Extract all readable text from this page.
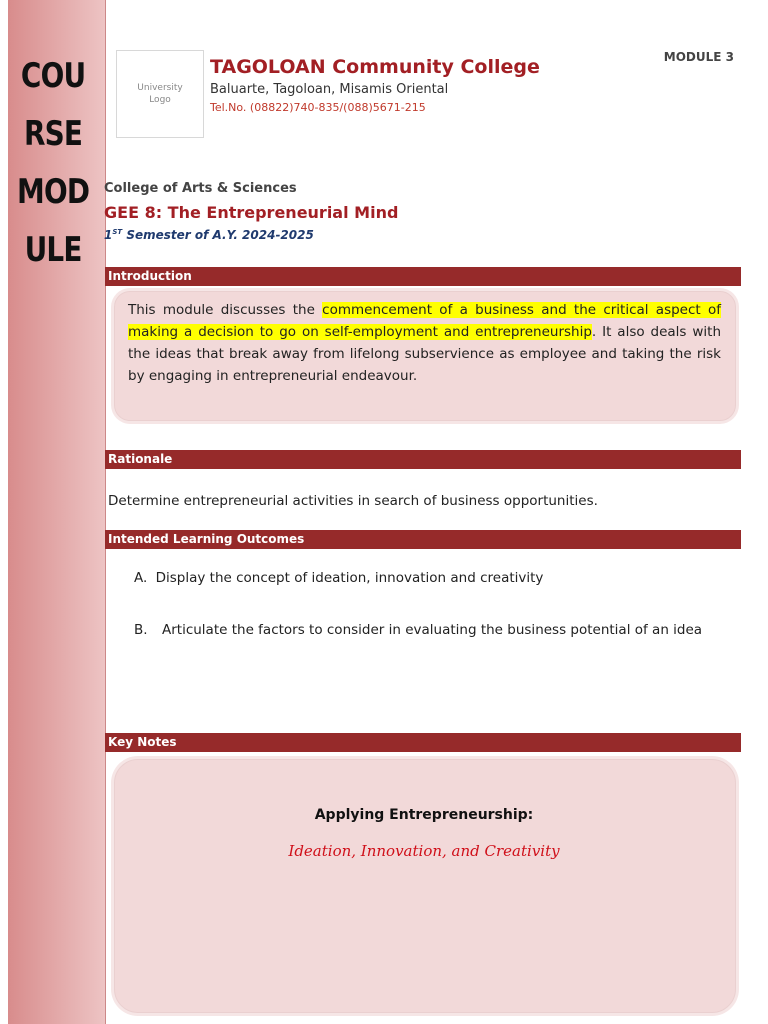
COU
RSE
MOD
ULE
University Logo
TAGOLOAN Community College
Baluarte, Tagoloan, Misamis Oriental
Tel.No. (08822)740-835/(088)5671-215
MODULE 3
College of Arts & Sciences
GEE 8: The Entrepreneurial Mind
1ST Semester of A.Y. 2024-2025
Introduction
This module discusses the commencement of a business and the critical aspect of making a decision to go on self-employment and entrepreneurship. It also deals with the ideas that break away from lifelong subservience as employee and taking the risk by engaging in entrepreneurial endeavour.
Rationale
Determine entrepreneurial activities in search of business opportunities.
Intended Learning Outcomes
A. Display the concept of ideation, innovation and creativity
B.	Articulate the factors to consider in evaluating the business potential of an idea
Key Notes
Applying Entrepreneurship:
Ideation, Innovation, and Creativity
